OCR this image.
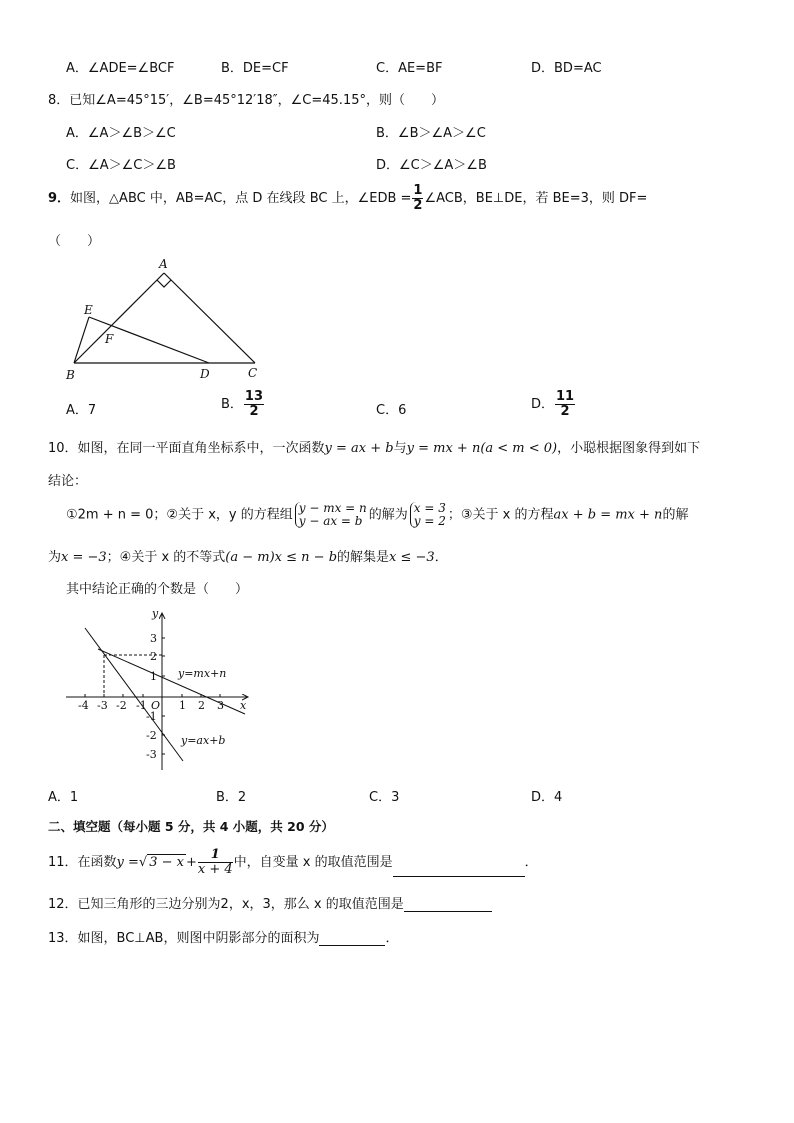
A．∠ADE=∠BCF	B．DE=CF	C．AE=BF	D．BD=AC
8．已知∠A=45°15′，∠B=45°12′18″，∠C=45.15°，则（　　）
A．∠A＞∠B＞∠C	B．∠B＞∠A＞∠C
C．∠A＞∠C＞∠B	D．∠C＞∠A＞∠B
9．如图，△ABC 中，AB=AC，点 D 在线段 BC 上，∠EDB = $\frac{1}{2}$ ∠ACB，BE⊥DE，若 BE=3，则 DF=
（　　）
A
B	C
D
E
F
A．7	B． $\frac{13}{2}$	C．6	D． $\frac{11}{2}$
10．如图，在同一平面直角坐标系中，一次函数y = ax + b与y = mx + n(a < m < 0)，小聪根据图象得到如下
结论：
①2m + n = 0；②关于 x，y 的方程组 y − mx = n
y − ax = b 的解为 x = 3
y = 2 ；③关于 x 的方程ax + b = mx + n的解
为x = −3；④关于 x 的不等式(a − m)x ≤ n − b的解集是x ≤ −3．
其中结论正确的个数是（　　）
y
x
O
-4 -3 -2 -1	1 2 3
3
2
1
-1
-2
-3
y=mx+n
y=ax+b
A．1	B．2	C．3	D．4
二、填空题（每小题 5 分，共 4 小题，共 20 分）
11．在函数y =√ $3 - x + \frac{1}{x + 4}$ 中，自变量 x 的取值范围是	．
12．已知三角形的三边分别为2，x，3，那么 x 的取值范围是
13．如图，BC⊥AB，则图中阴影部分的面积为	．
